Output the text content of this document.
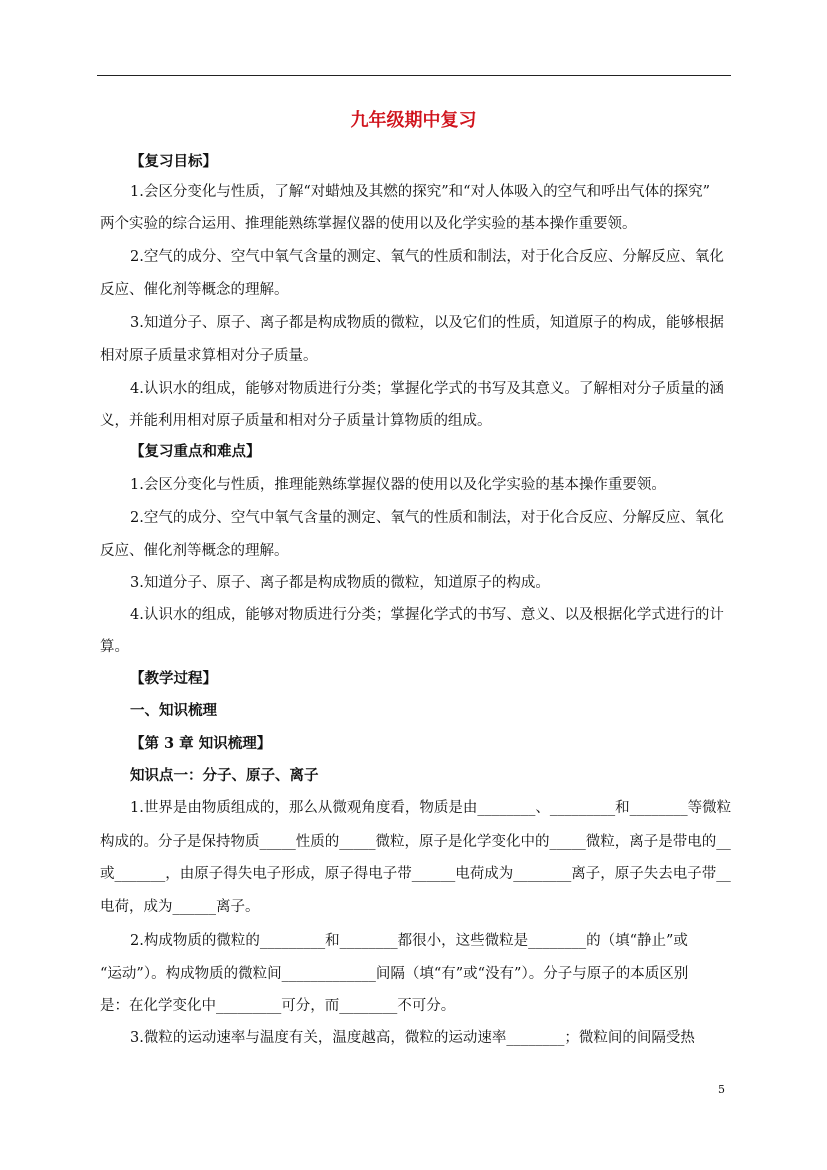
九年级期中复习
【复习目标】
1.会区分变化与性质，了解“对蜡烛及其燃的探究”和“对人体吸入的空气和呼出气体的探究”
两个实验的综合运用、推理能熟练掌握仪器的使用以及化学实验的基本操作重要领。
2.空气的成分、空气中氧气含量的测定、氧气的性质和制法，对于化合反应、分解反应、氧化
反应、催化剂等概念的理解。
3.知道分子、原子、离子都是构成物质的微粒，以及它们的性质，知道原子的构成，能够根据
相对原子质量求算相对分子质量。
4.认识水的组成，能够对物质进行分类；掌握化学式的书写及其意义。了解相对分子质量的涵
义，并能利用相对原子质量和相对分子质量计算物质的组成。
【复习重点和难点】
1.会区分变化与性质，推理能熟练掌握仪器的使用以及化学实验的基本操作重要领。
2.空气的成分、空气中氧气含量的测定、氧气的性质和制法，对于化合反应、分解反应、氧化
反应、催化剂等概念的理解。
3.知道分子、原子、离子都是构成物质的微粒，知道原子的构成。
4.认识水的组成，能够对物质进行分类；掌握化学式的书写、意义、以及根据化学式进行的计
算。
【教学过程】
一、知识梳理
【第 3 章 知识梳理】
知识点一：分子、原子、离子
1.世界是由物质组成的，那么从微观角度看，物质是由________、_________和________等微粒
构成的。分子是保持物质_____性质的_____微粒，原子是化学变化中的_____微粒，离子是带电的__
或_______，由原子得失电子形成，原子得电子带______电荷成为________离子，原子失去电子带__
电荷，成为______离子。
2.构成物质的微粒的_________和________都很小，这些微粒是________的（填“静止”或
“运动”）。构成物质的微粒间_____________间隔（填“有”或“没有”）。分子与原子的本质区别
是：在化学变化中_________可分，而________不可分。
3.微粒的运动速率与温度有关，温度越高，微粒的运动速率________；微粒间的间隔受热
5
